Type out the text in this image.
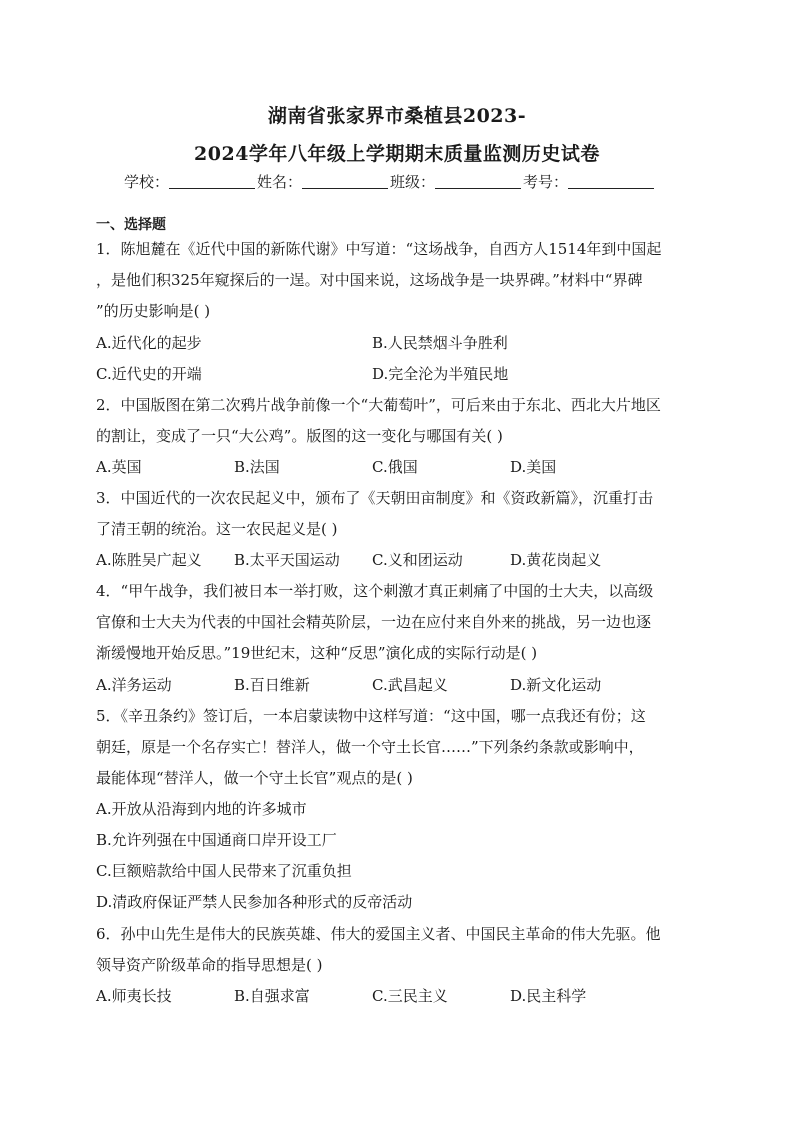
湖南省张家界市桑植县2023-
2024学年八年级上学期期末质量监测历史试卷
学校：	姓名：	班级：	考号：
一、选择题
1．陈旭麓在《近代中国的新陈代谢》中写道：“这场战争，自西方人1514年到中国起
，是他们积325年窥探后的一逞。对中国来说，这场战争是一块界碑。”材料中“界碑
”的历史影响是( )
A.近代化的起步	B.人民禁烟斗争胜利
C.近代史的开端	D.完全沦为半殖民地
2．中国版图在第二次鸦片战争前像一个“大葡萄叶”，可后来由于东北、西北大片地区
的割让，变成了一只“大公鸡”。版图的这一变化与哪国有关( )
A.英国	B.法国	C.俄国	D.美国
3．中国近代的一次农民起义中，颁布了《天朝田亩制度》和《资政新篇》，沉重打击
了清王朝的统治。这一农民起义是( )
A.陈胜吴广起义 B.太平天国运动 C.义和团运动	D.黄花岗起义
4．“甲午战争，我们被日本一举打败，这个刺激才真正刺痛了中国的士大夫，以高级
官僚和士大夫为代表的中国社会精英阶层，一边在应付来自外来的挑战，另一边也逐
渐缓慢地开始反思。”19世纪末，这种“反思”演化成的实际行动是( )
A.洋务运动	B.百日维新	C.武昌起义	D.新文化运动
5．《辛丑条约》签订后，一本启蒙读物中这样写道：“这中国，哪一点我还有份；这
朝廷，原是一个名存实亡！替洋人，做一个守土长官……”下列条约条款或影响中，
最能体现“替洋人，做一个守土长官”观点的是( )
A.开放从沿海到内地的许多城市
B.允许列强在中国通商口岸开设工厂
C.巨额赔款给中国人民带来了沉重负担
D.清政府保证严禁人民参加各种形式的反帝活动
6．孙中山先生是伟大的民族英雄、伟大的爱国主义者、中国民主革命的伟大先驱。他
领导资产阶级革命的指导思想是( )
A.师夷长技	B.自强求富	C.三民主义	D.民主科学
